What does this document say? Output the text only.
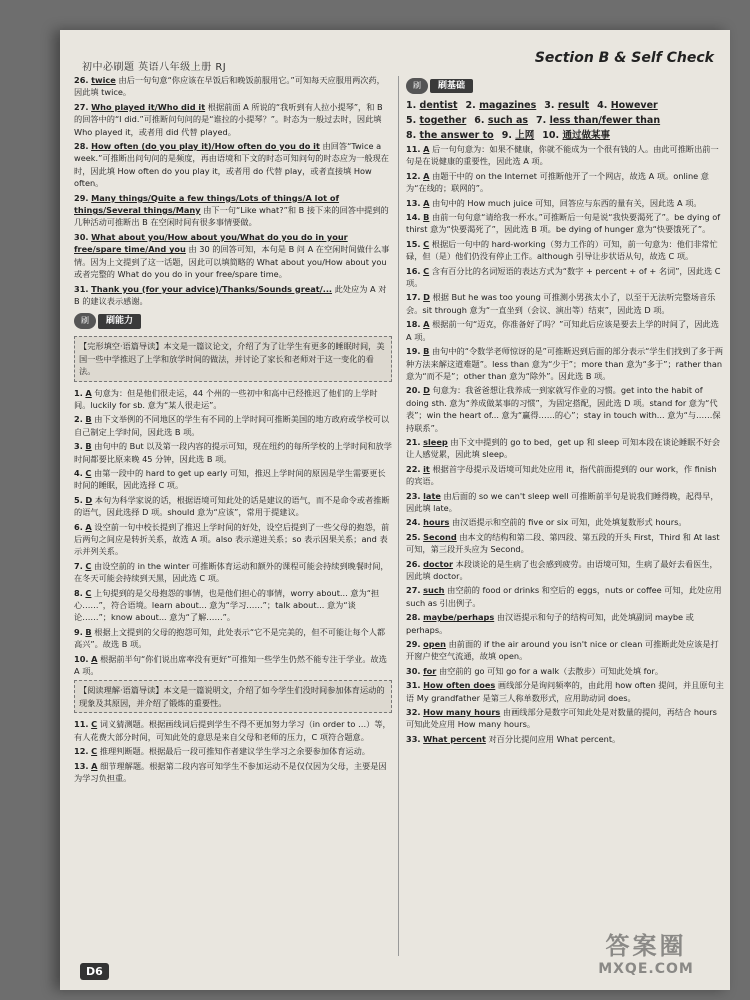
初中必刷题 英语八年级上册 RJ
Section B & Self Check
26. twice 由后一句句意“你应该在早饭后和晚饭前服用它。”可知每天应服用两次药，因此填 twice。
27. Who played it/Who did it 根据前面 A 所说的“我听到有人拉小提琴”，和 B 的回答中的“I did.”可推断问句问的是“谁拉的小提琴？”。时态为一般过去时，因此填 Who played it，或者用 did 代替 played。
28. How often (do you play it)/How often do you do it 由回答“Twice a week.”可推断出问句问的是频度，再由语境和下文的时态可知问句的时态应为一般现在时，因此填 How often do you play it，或者用 do 代替 play，或者直接填 How often。
29. Many things/Quite a few things/Lots of things/A lot of things/Several things/Many 由下一句“Like what?”和 B 接下来的回答中提到的几种活动可推断出 B 在空闲时间有很多事情要做。
30. What about you/How about you/What do you do in your free/spare time/And you 由 30 的回答可知，本句是 B 问 A 在空闲时间做什么事情。因为上文提到了这一话题，因此可以填简略的 What about you/How about you 或者完整的 What do you do in your free/spare time。
31. Thank you (for your advice)/Thanks/Sounds great/... 此处应为 A 对 B 的建议表示感谢。
刷	刷能力
【完形填空·语篇导读】本文是一篇议论文，介绍了为了让学生有更多的睡眠时间，美国一些中学推迟了上学和放学时间的做法，并讨论了家长和老师对于这一变化的看法。
1. A 句意为：但是他们很走运，44 个州的一些初中和高中已经推迟了他们的上学时间。luckily for sb. 意为“某人很走运”。
2. B 由下文举例的不同地区的学生有不同的上学时间可推断美国的地方政府或学校可以自己制定上学时间，因此选 B 项。
3. B 由句中的 But 以及第一段内容的提示可知，现在纽约的每所学校的上学时间和放学时间都要比原来晚 45 分钟，因此选 B 项。
4. C 由第一段中的 hard to get up early 可知，推迟上学时间的原因是学生需要更长时间的睡眠，因此选择 C 项。
5. D 本句为科学家说的话，根据语境可知此处的话是建议的语气，而不是命令或者推断的语气，因此选择 D 项。should 意为“应该”，常用于提建议。
6. A 设空前一句中校长提到了推迟上学时间的好处，设空后提到了一些父母的抱怨，前后两句之间应是转折关系，故选 A 项。also 表示递进关系；so 表示因果关系；and 表示并列关系。
7. C 由设空前的 in the winter 可推断体育运动和额外的课程可能会持续到晚餐时间，在冬天可能会持续到天黑，因此选 C 项。
8. C 上句提到的是父母抱怨的事情，也是他们担心的事情，worry about... 意为“担心……”，符合语境。learn about... 意为“学习……”；talk about... 意为“谈论……”；know about... 意为“了解……”。
9. B 根据上文提到的父母的抱怨可知，此处表示“它不是完美的，但不可能让每个人都高兴”。故选 B 项。
10. A 根据前半句“你们说出席率没有更好”可推知一些学生仍然不能专注于学业。故选 A 项。
【阅读理解·语篇导读】本文是一篇说明文，介绍了如今学生们没时间参加体育运动的现象及其原因，并介绍了锻炼的重要性。
11. C 词义猜测题。根据画线词后提到学生不得不更加努力学习（in order to …）等，有人花费大部分时间，可知此处的意思是来自父母和老师的压力，C 项符合题意。
12. C 推理判断题。根据最后一段可推知作者建议学生学习之余要参加体育运动。
13. A 细节理解题。根据第二段内容可知学生不参加运动不是仅仅因为父母，主要是因为学习负担重。
刷	刷基础
1. dentist 2. magazines 3. result 4. However5. together 6. such as 7. less than/fewer than8. the answer to 9. 上网 10. 通过做某事
11. A 后一句句意为：如果不健康，你就不能成为一个很有钱的人。由此可推断出前一句是在说健康的重要性，因此选 A 项。
12. A 由题干中的 on the Internet 可推断他开了一个网店，故选 A 项。online 意为“在线的；联网的”。
13. A 由句中的 How much juice 可知，回答应与东西的量有关，因此选 A 项。
14. B 由前一句句意“请给我一杯水。”可推断后一句是说“我快要渴死了”。be dying of thirst 意为“快要渴死了”，因此选 B 项。be dying of hunger 意为“快要饿死了”。
15. C 根据后一句中的 hard-working（努力工作的）可知，前一句意为：他们非常忙碌，但（是）他们仍没有停止工作。although 引导让步状语从句，故选 C 项。
16. C 含有百分比的名词短语的表达方式为“数字 + percent + of + 名词”，因此选 C 项。
17. D 根据 But he was too young 可推测小男孩太小了，以至于无法听完整场音乐会。sit through 意为“一直坐到（会议、演出等）结束”，因此选 D 项。
18. A 根据前一句“迈克，你准备好了吗？”可知此后应该是要去上学的时间了，因此选 A 项。
19. B 由句中的“令数学老师惊讶的是”可推断迟到后面的部分表示“学生们找到了多于两种方法来解这道难题”。less than 意为“少于”；more than 意为“多于”；rather than 意为“而不是”；other than 意为“除外”。因此选 B 项。
20. D 句意为：我爸爸想让我养成一到家就写作业的习惯。get into the habit of doing sth. 意为“养成做某事的习惯”，为固定搭配，因此选 D 项。stand for 意为“代表”；win the heart of... 意为“赢得……的心”；stay in touch with... 意为“与……保持联系”。
21. sleep 由下文中提到的 go to bed，get up 和 sleep 可知本段在谈论睡眠不好会让人感觉累，因此填 sleep。
22. it 根据首字母提示及语境可知此处应用 it，指代前面提到的 our work，作 finish 的宾语。
23. late 由后面的 so we can't sleep well 可推断前半句是说我们睡得晚，起得早，因此填 late。
24. hours 由汉语提示和空前的 five or six 可知，此处填复数形式 hours。
25. Second 由本文的结构和第二段、第四段、第五段的开头 First，Third 和 At last 可知，第三段开头应为 Second。
26. doctor 本段谈论的是生病了也会感到疲劳。由语境可知，生病了最好去看医生，因此填 doctor。
27. such 由空前的 food or drinks 和空后的 eggs，nuts or coffee 可知，此处应用 such as 引出例子。
28. maybe/perhaps 由汉语提示和句子的结构可知，此处填副词 maybe 或 perhaps。
29. open 由前面的 if the air around you isn't nice or clean 可推断此处应该是打开窗户使空气流通，故填 open。
30. for 由空前的 go 可知 go for a walk（去散步）可知此处填 for。
31. How often does 画线部分是询问频率的，由此用 how often 提问，并且原句主语 My grandfather 是第三人称单数形式，应用助动词 does。
32. How many hours 由画线部分是数字可知此处是对数量的提问，再结合 hours 可知此处应用 How many hours。
33. What percent 对百分比提问应用 What percent。
D6
答案圈
MXQE.COM
